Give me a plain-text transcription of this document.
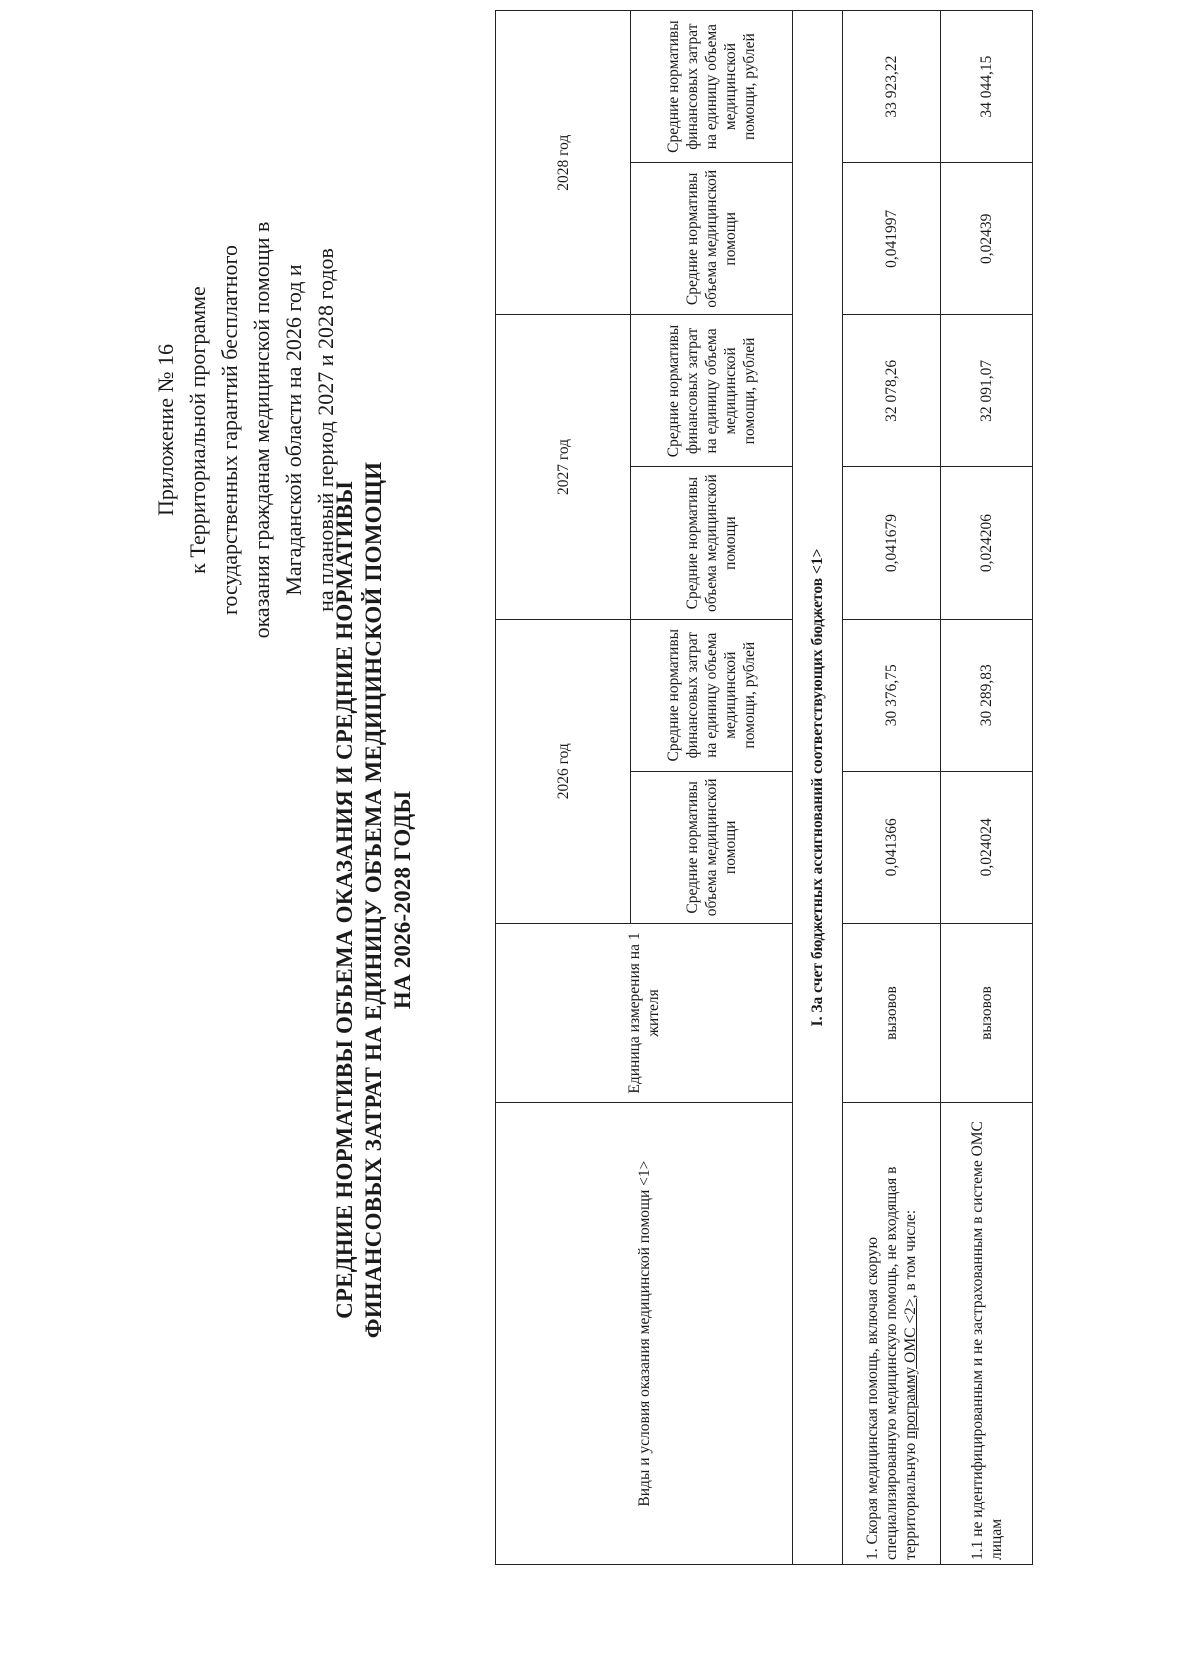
Приложение № 16 к Территориальной программе государственных гарантий бесплатного оказания гражданам медицинской помощи в Магаданской области на 2026 год и на плановый период 2027 и 2028 годов
СРЕДНИЕ НОРМАТИВЫ ОБЪЕМА ОКАЗАНИЯ И СРЕДНИЕ НОРМАТИВЫ ФИНАНСОВЫХ ЗАТРАТ НА ЕДИНИЦУ ОБЪЕМА МЕДИЦИНСКОЙ ПОМОЩИ НА 2026-2028 ГОДЫ
Виды и условия оказания медицинской помощи <1>	Единица измерения на 1 жителя	2026 год		2027 год		2028 год	
		Средние нормативы объема медицинской помощи	Средние нормативы финансовых затрат на единицу объема медицинской помощи, рублей	Средние нормативы объема медицинской помощи	Средние нормативы финансовых затрат на единицу объема медицинской помощи, рублей	Средние нормативы объема медицинской помощи	Средние нормативы финансовых затрат на единицу объема медицинской помощи, рублей
I. За счет бюджетных ассигнований соответствующих бюджетов <1>							
1. Скорая медицинская помощь, включая скорую специализированную медицинскую помощь, не входящая в территориальную программу ОМС <2>, в том числе:	вызовов	0,041366	30 376,75	0,041679	32 078,26	0,041997	33 923,22
1.1 не идентифицированным и не застрахованным в системе ОМС лицам	вызовов	0,024024	30 289,83	0,024206	32 091,07	0,02439	34 044,15
